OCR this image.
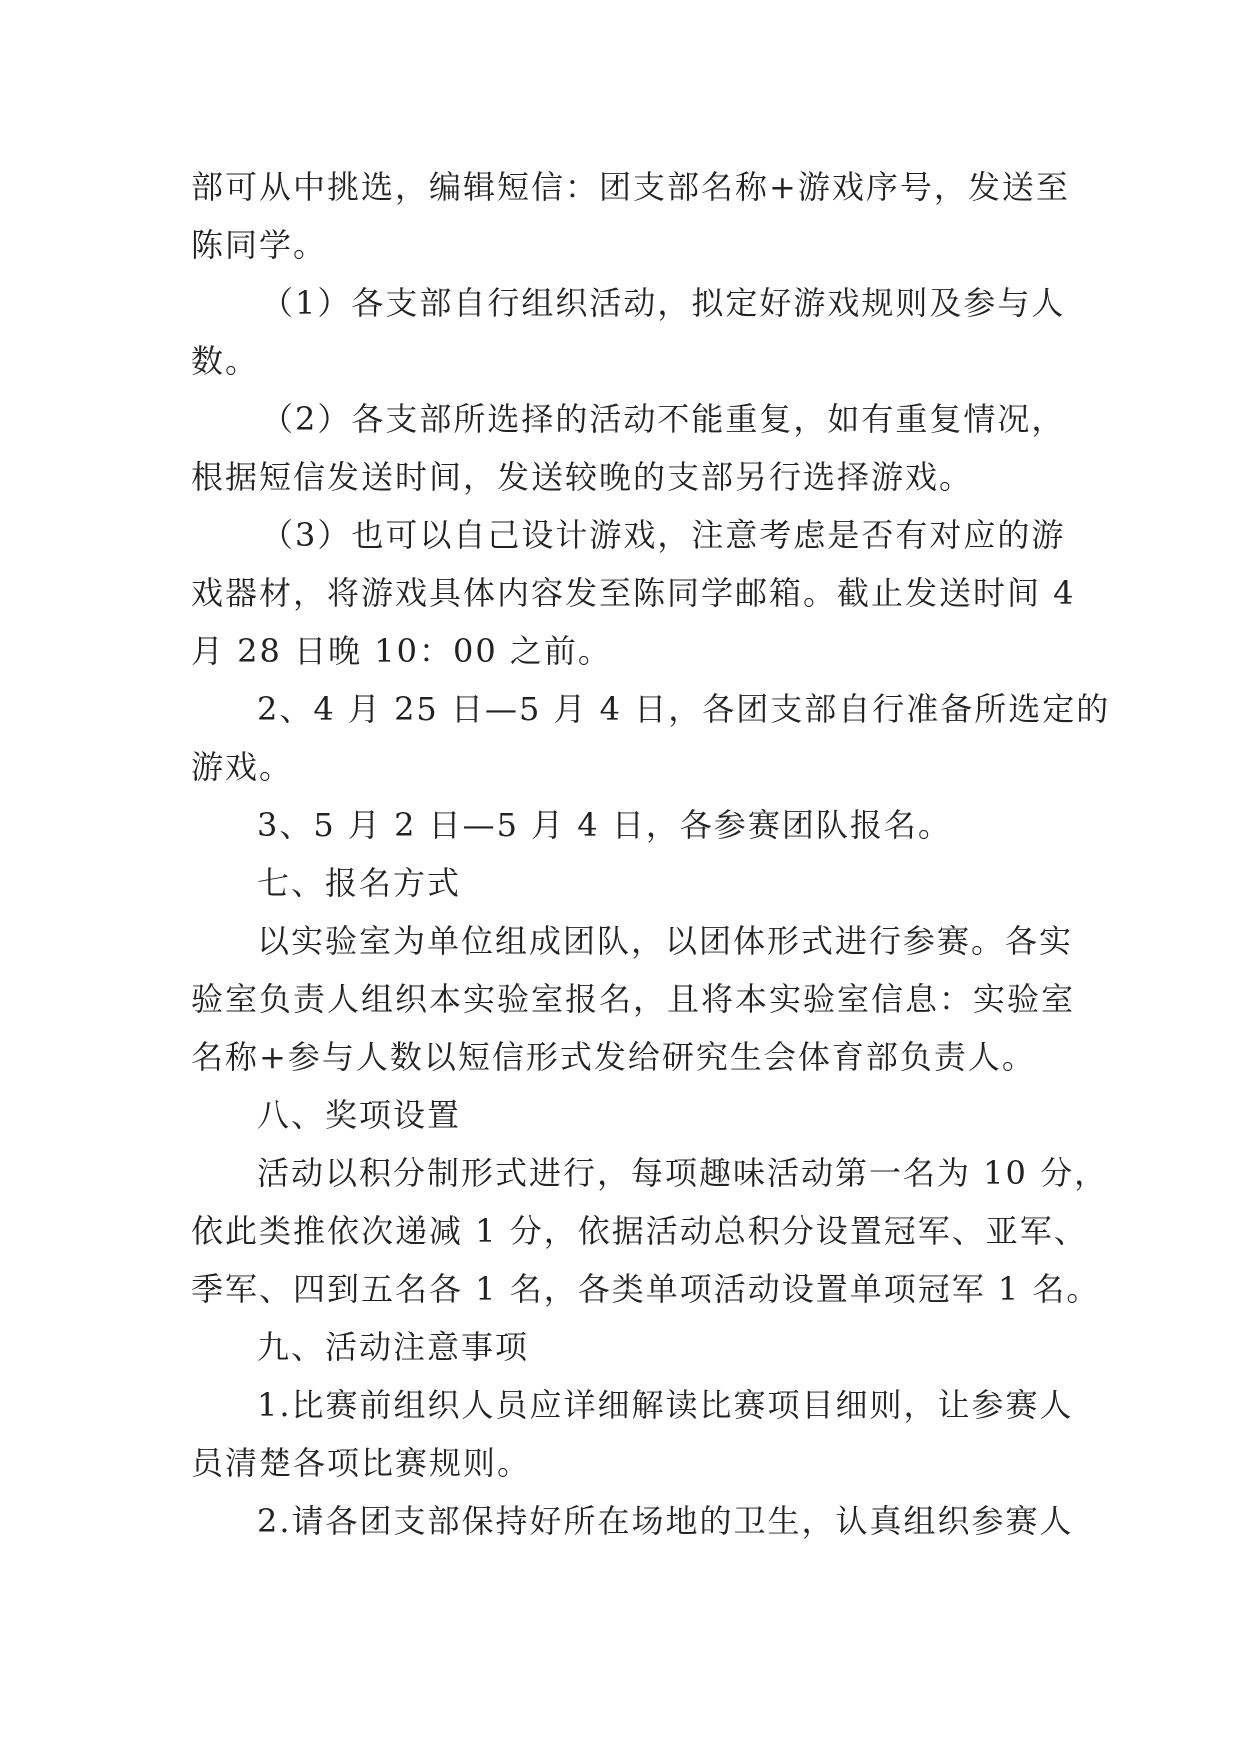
部可从中挑选，编辑短信：团支部名称+游戏序号，发送至
陈同学。
（1）各支部自行组织活动，拟定好游戏规则及参与人
数。
（2）各支部所选择的活动不能重复，如有重复情况，
根据短信发送时间，发送较晚的支部另行选择游戏。
（3）也可以自己设计游戏，注意考虑是否有对应的游
戏器材，将游戏具体内容发至陈同学邮箱。截止发送时间 4
月 28 日晚 10：00 之前。
2、4 月 25 日—5 月 4 日，各团支部自行准备所选定的
游戏。
3、5 月 2 日—5 月 4 日，各参赛团队报名。
七、报名方式
以实验室为单位组成团队，以团体形式进行参赛。各实
验室负责人组织本实验室报名，且将本实验室信息：实验室
名称+参与人数以短信形式发给研究生会体育部负责人。
八、奖项设置
活动以积分制形式进行，每项趣味活动第一名为 10 分，
依此类推依次递减 1 分，依据活动总积分设置冠军、亚军、
季军、四到五名各 1 名，各类单项活动设置单项冠军 1 名。
九、活动注意事项
1.比赛前组织人员应详细解读比赛项目细则，让参赛人
员清楚各项比赛规则。
2.请各团支部保持好所在场地的卫生，认真组织参赛人
